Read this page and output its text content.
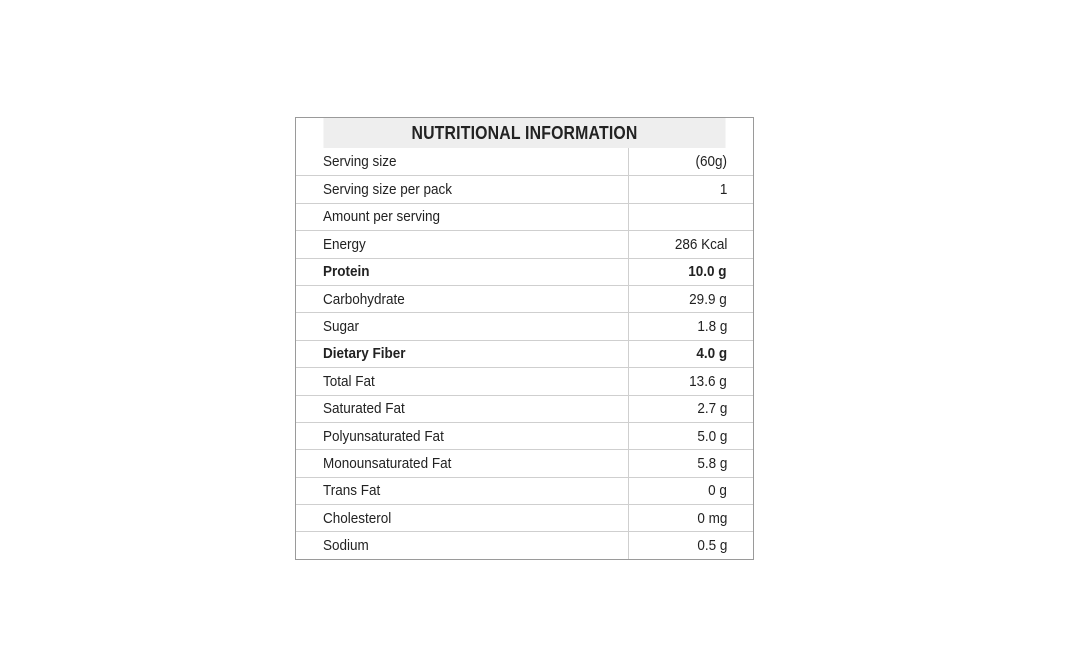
NUTRITIONAL INFORMATION
Serving size	(60g)
Serving size per pack	1
Amount per serving
Energy	286 Kcal
Protein	10.0 g
Carbohydrate	29.9 g
Sugar	1.8 g
Dietary Fiber	4.0 g
Total Fat	13.6 g
Saturated Fat	2.7 g
Polyunsaturated Fat	5.0 g
Monounsaturated Fat	5.8 g
Trans Fat	0 g
Cholesterol	0 mg
Sodium	0.5 g
